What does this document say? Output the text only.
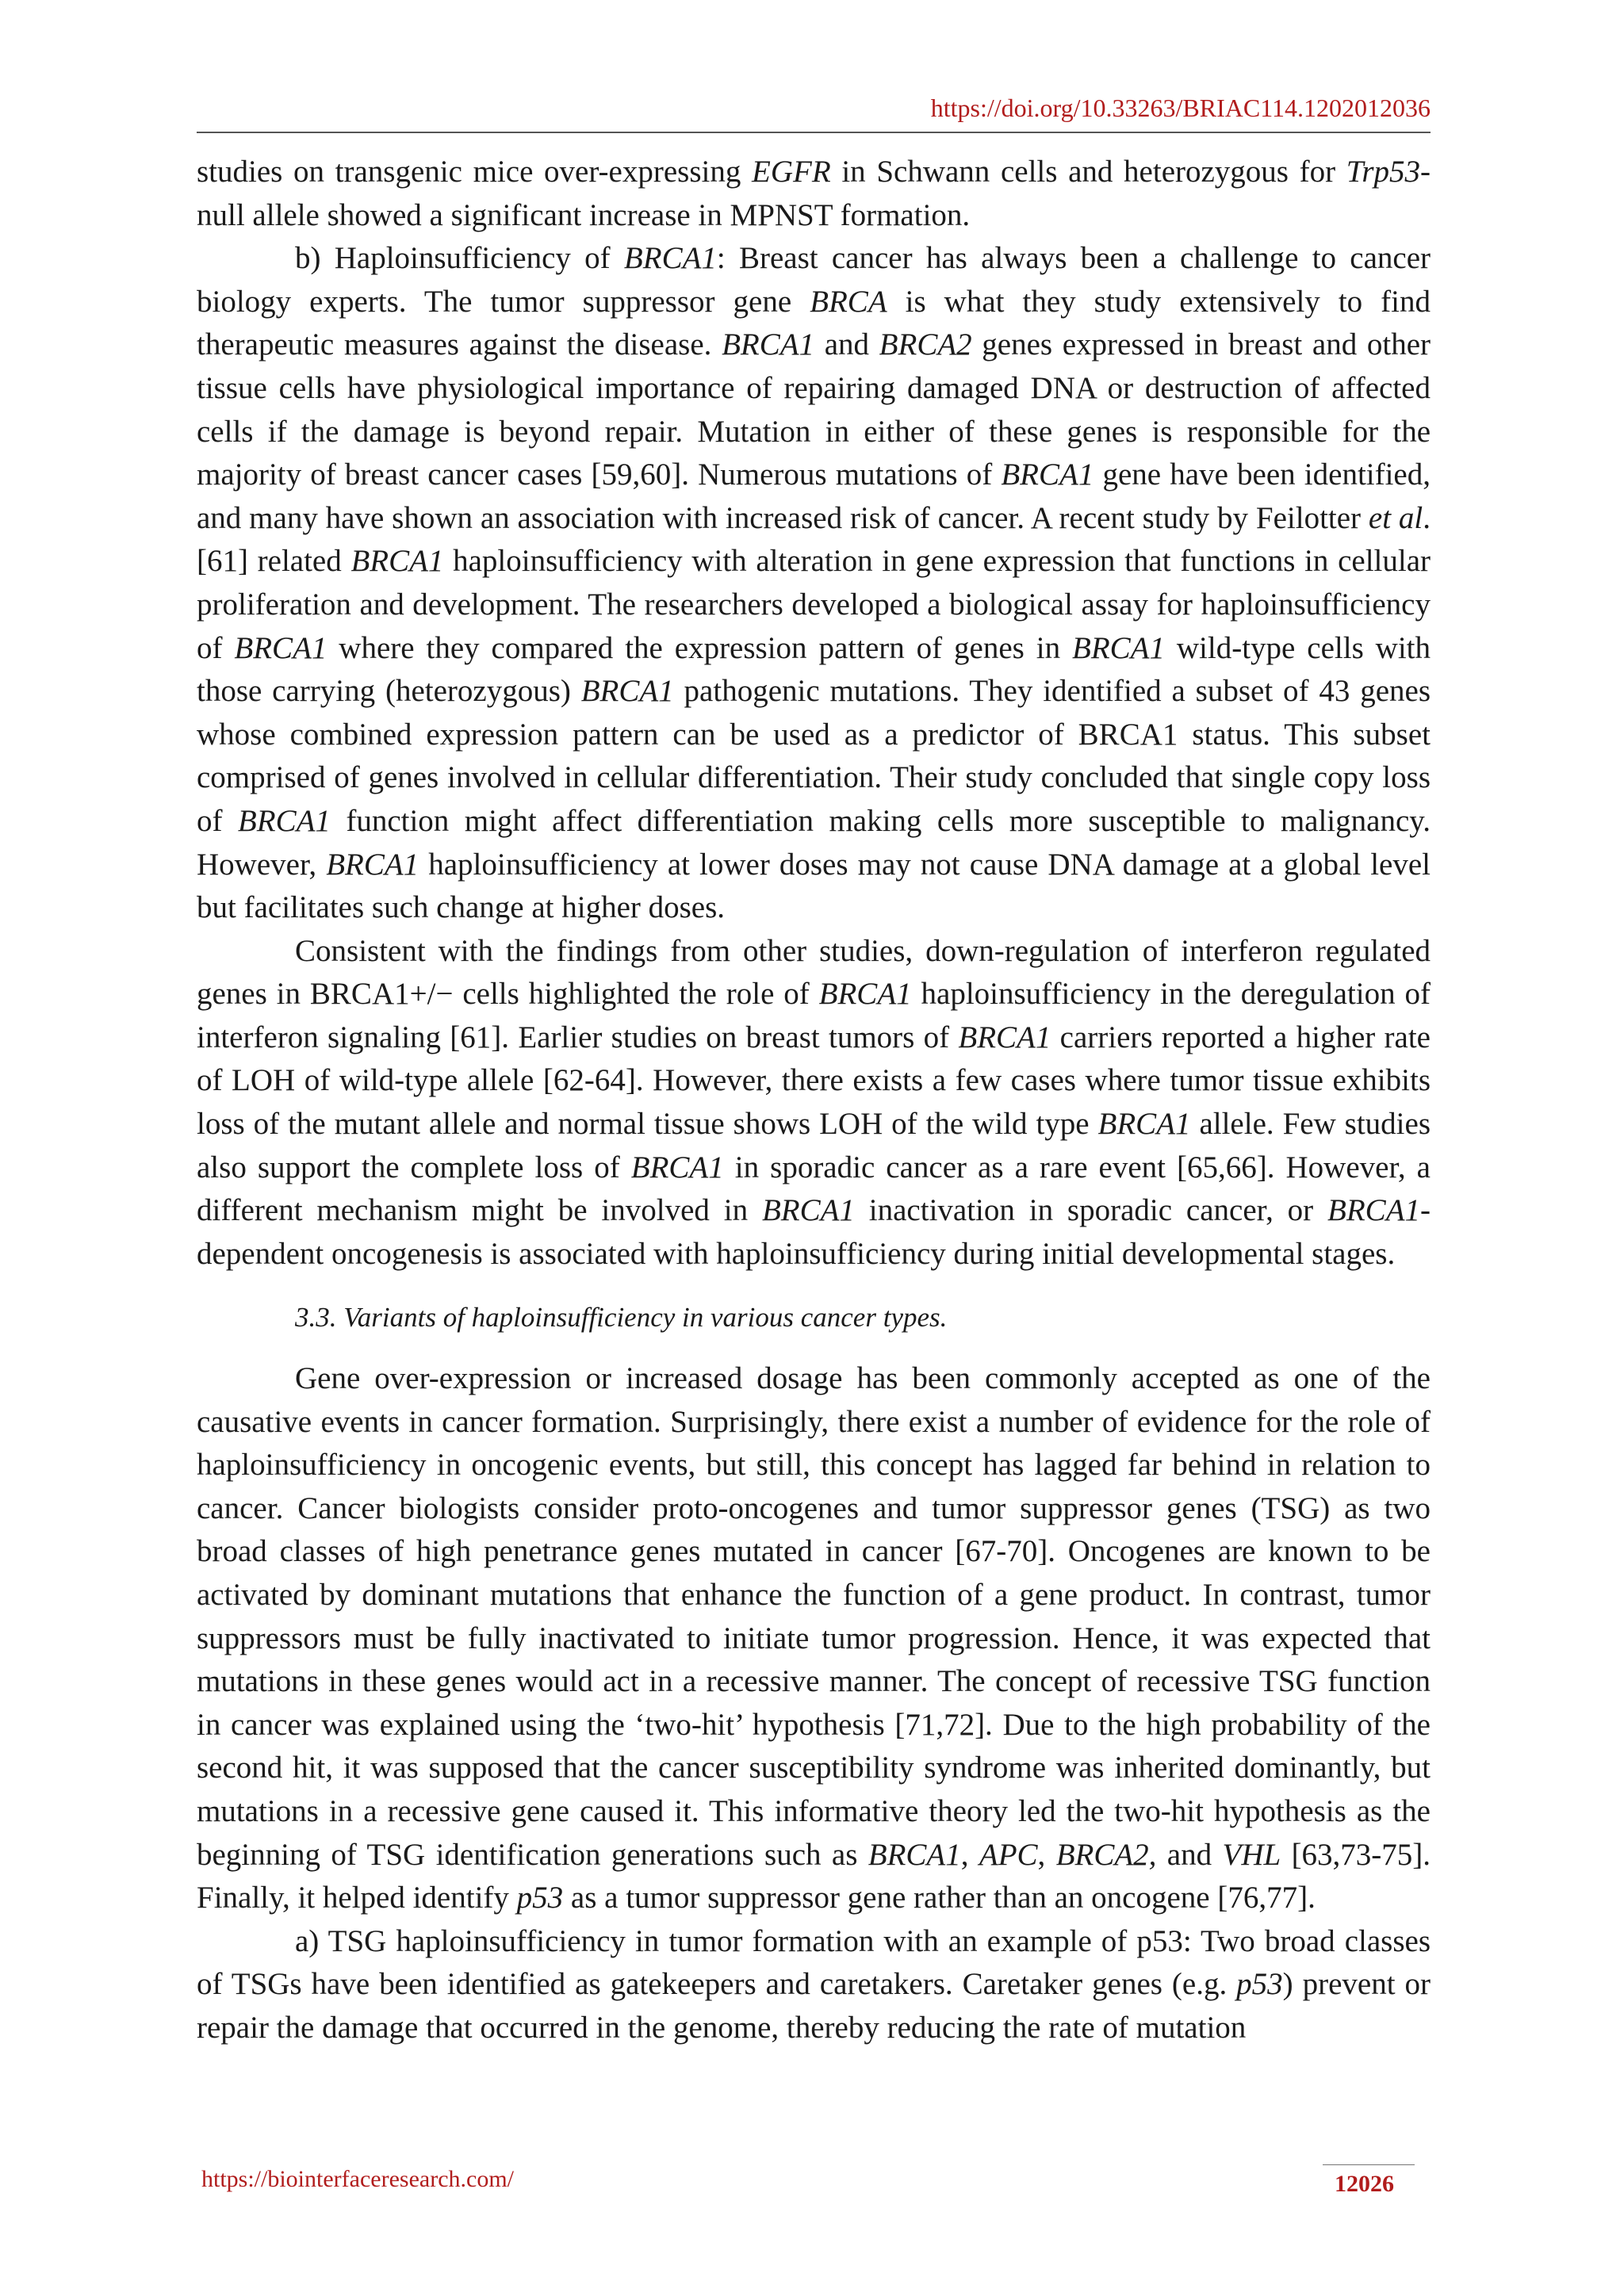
https://doi.org/10.33263/BRIAC114.1202012036

studies on transgenic mice over-expressing EGFR in Schwann cells and heterozygous for Trp53-null allele showed a significant increase in MPNST formation.

b) Haploinsufficiency of BRCA1: Breast cancer has always been a challenge to cancer biology experts. The tumor suppressor gene BRCA is what they study extensively to find therapeutic measures against the disease. BRCA1 and BRCA2 genes expressed in breast and other tissue cells have physiological importance of repairing damaged DNA or destruction of affected cells if the damage is beyond repair. Mutation in either of these genes is responsible for the majority of breast cancer cases [59,60]. Numerous mutations of BRCA1 gene have been identified, and many have shown an association with increased risk of cancer. A recent study by Feilotter et al. [61] related BRCA1 haploinsufficiency with alteration in gene expression that functions in cellular proliferation and development. The researchers developed a biological assay for haploinsufficiency of BRCA1 where they compared the expression pattern of genes in BRCA1 wild-type cells with those carrying (heterozygous) BRCA1 pathogenic mutations. They identified a subset of 43 genes whose combined expression pattern can be used as a predictor of BRCA1 status. This subset comprised of genes involved in cellular differentiation. Their study concluded that single copy loss of BRCA1 function might affect differentiation making cells more susceptible to malignancy. However, BRCA1 haploinsufficiency at lower doses may not cause DNA damage at a global level but facilitates such change at higher doses.

Consistent with the findings from other studies, down-regulation of interferon regulated genes in BRCA1+/− cells highlighted the role of BRCA1 haploinsufficiency in the deregulation of interferon signaling [61]. Earlier studies on breast tumors of BRCA1 carriers reported a higher rate of LOH of wild-type allele [62-64]. However, there exists a few cases where tumor tissue exhibits loss of the mutant allele and normal tissue shows LOH of the wild type BRCA1 allele. Few studies also support the complete loss of BRCA1 in sporadic cancer as a rare event [65,66]. However, a different mechanism might be involved in BRCA1 inactivation in sporadic cancer, or BRCA1-dependent oncogenesis is associated with haploinsufficiency during initial developmental stages.

3.3. Variants of haploinsufficiency in various cancer types.

Gene over-expression or increased dosage has been commonly accepted as one of the causative events in cancer formation. Surprisingly, there exist a number of evidence for the role of haploinsufficiency in oncogenic events, but still, this concept has lagged far behind in relation to cancer. Cancer biologists consider proto-oncogenes and tumor suppressor genes (TSG) as two broad classes of high penetrance genes mutated in cancer [67-70]. Oncogenes are known to be activated by dominant mutations that enhance the function of a gene product. In contrast, tumor suppressors must be fully inactivated to initiate tumor progression. Hence, it was expected that mutations in these genes would act in a recessive manner. The concept of recessive TSG function in cancer was explained using the ‘two-hit’ hypothesis [71,72]. Due to the high probability of the second hit, it was supposed that the cancer susceptibility syndrome was inherited dominantly, but mutations in a recessive gene caused it. This informative theory led the two-hit hypothesis as the beginning of TSG identification generations such as BRCA1, APC, BRCA2, and VHL [63,73-75]. Finally, it helped identify p53 as a tumor suppressor gene rather than an oncogene [76,77].

a) TSG haploinsufficiency in tumor formation with an example of p53: Two broad classes of TSGs have been identified as gatekeepers and caretakers. Caretaker genes (e.g. p53) prevent or repair the damage that occurred in the genome, thereby reducing the rate of mutation

https://biointerfaceresearch.com/	12026
